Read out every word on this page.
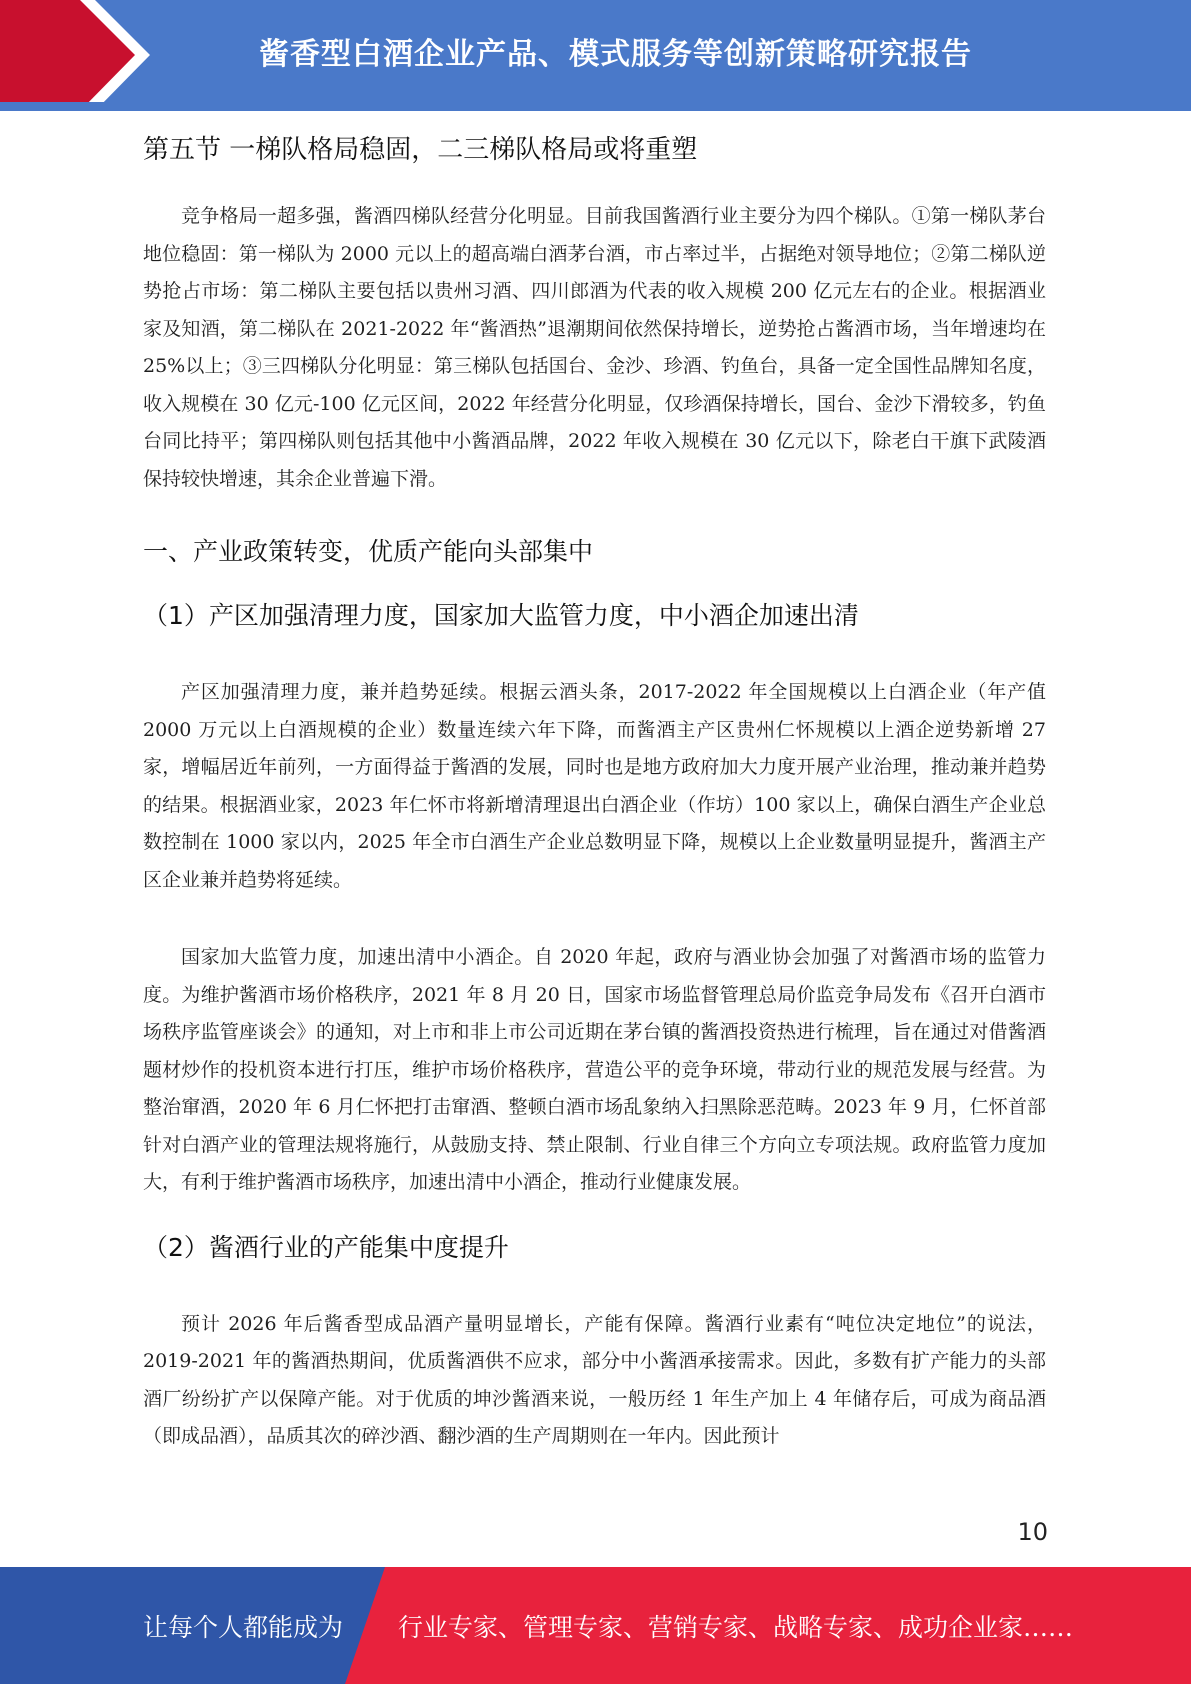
酱香型白酒企业产品、模式服务等创新策略研究报告
第五节 一梯队格局稳固，二三梯队格局或将重塑

竞争格局一超多强，酱酒四梯队经营分化明显。目前我国酱酒行业主要分为四个梯队。①第一梯队茅台地位稳固：第一梯队为 2000 元以上的超高端白酒茅台酒，市占率过半，占据绝对领导地位；②第二梯队逆势抢占市场：第二梯队主要包括以贵州习酒、四川郎酒为代表的收入规模 200 亿元左右的企业。根据酒业家及知酒，第二梯队在 2021-2022 年“酱酒热”退潮期间依然保持增长，逆势抢占酱酒市场，当年增速均在 25%以上；③三四梯队分化明显：第三梯队包括国台、金沙、珍酒、钓鱼台，具备一定全国性品牌知名度，收入规模在 30 亿元-100 亿元区间，2022 年经营分化明显，仅珍酒保持增长，国台、金沙下滑较多，钓鱼台同比持平；第四梯队则包括其他中小酱酒品牌，2022 年收入规模在 30 亿元以下，除老白干旗下武陵酒保持较快增速，其余企业普遍下滑。

一、产业政策转变，优质产能向头部集中
（1）产区加强清理力度，国家加大监管力度，中小酒企加速出清

产区加强清理力度，兼并趋势延续。根据云酒头条，2017-2022 年全国规模以上白酒企业（年产值 2000 万元以上白酒规模的企业）数量连续六年下降，而酱酒主产区贵州仁怀规模以上酒企逆势新增 27 家，增幅居近年前列，一方面得益于酱酒的发展，同时也是地方政府加大力度开展产业治理，推动兼并趋势的结果。根据酒业家，2023 年仁怀市将新增清理退出白酒企业（作坊）100 家以上，确保白酒生产企业总数控制在 1000 家以内，2025 年全市白酒生产企业总数明显下降，规模以上企业数量明显提升，酱酒主产区企业兼并趋势将延续。

国家加大监管力度，加速出清中小酒企。自 2020 年起，政府与酒业协会加强了对酱酒市场的监管力度。为维护酱酒市场价格秩序，2021 年 8 月 20 日，国家市场监督管理总局价监竞争局发布《召开白酒市场秩序监管座谈会》的通知，对上市和非上市公司近期在茅台镇的酱酒投资热进行梳理，旨在通过对借酱酒题材炒作的投机资本进行打压，维护市场价格秩序，营造公平的竞争环境，带动行业的规范发展与经营。为整治窜酒，2020 年 6 月仁怀把打击窜酒、整顿白酒市场乱象纳入扫黑除恶范畴。2023 年 9 月，仁怀首部针对白酒产业的管理法规将施行，从鼓励支持、禁止限制、行业自律三个方向立专项法规。政府监管力度加大，有利于维护酱酒市场秩序，加速出清中小酒企，推动行业健康发展。

（2）酱酒行业的产能集中度提升

预计 2026 年后酱香型成品酒产量明显增长，产能有保障。酱酒行业素有“吨位决定地位”的说法，2019-2021 年的酱酒热期间，优质酱酒供不应求，部分中小酱酒承接需求。因此，多数有扩产能力的头部酒厂纷纷扩产以保障产能。对于优质的坤沙酱酒来说，一般历经 1 年生产加上 4 年储存后，可成为商品酒（即成品酒），品质其次的碎沙酒、翻沙酒的生产周期则在一年内。因此预计

10
让每个人都能成为 行业专家、管理专家、营销专家、战略专家、成功企业家……
